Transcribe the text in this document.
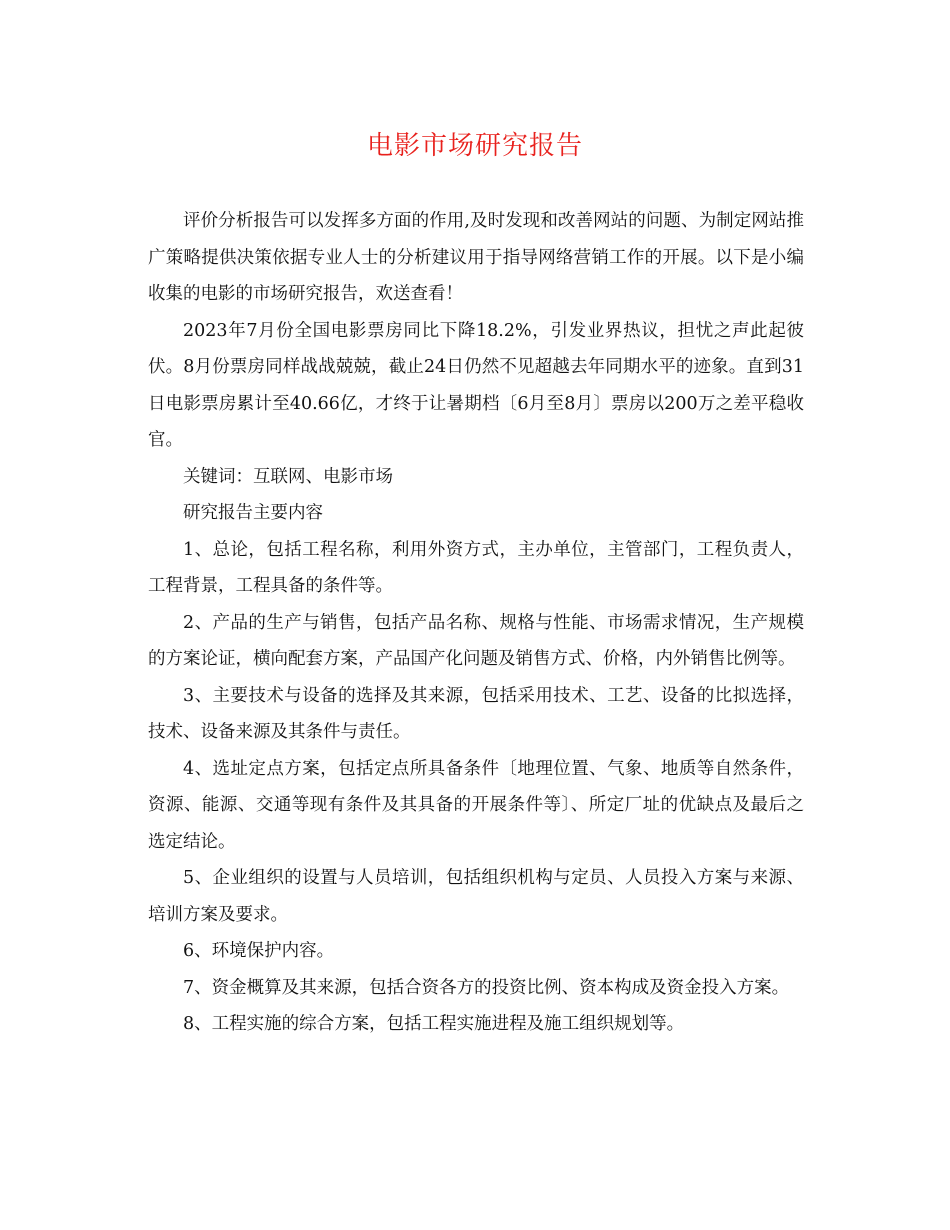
电影市场研究报告

评价分析报告可以发挥多方面的作用,及时发现和改善网站的问题、为制定网站推广策略提供决策依据专业人士的分析建议用于指导网络营销工作的开展。以下是小编收集的电影的市场研究报告，欢送查看！

2023年7月份全国电影票房同比下降18.2%，引发业界热议，担忧之声此起彼伏。8月份票房同样战战兢兢，截止24日仍然不见超越去年同期水平的迹象。直到31日电影票房累计至40.66亿，才终于让暑期档〔6月至8月〕票房以200万之差平稳收官。

关键词：互联网、电影市场

研究报告主要内容

1、总论，包括工程名称，利用外资方式，主办单位，主管部门，工程负责人，工程背景，工程具备的条件等。

2、产品的生产与销售，包括产品名称、规格与性能、市场需求情况，生产规模的方案论证，横向配套方案，产品国产化问题及销售方式、价格，内外销售比例等。

3、主要技术与设备的选择及其来源，包括采用技术、工艺、设备的比拟选择，技术、设备来源及其条件与责任。

4、选址定点方案，包括定点所具备条件〔地理位置、气象、地质等自然条件，资源、能源、交通等现有条件及其具备的开展条件等〕、所定厂址的优缺点及最后之选定结论。

5、企业组织的设置与人员培训，包括组织机构与定员、人员投入方案与来源、培训方案及要求。

6、环境保护内容。

7、资金概算及其来源，包括合资各方的投资比例、资本构成及资金投入方案。

8、工程实施的综合方案，包括工程实施进程及施工组织规划等。
